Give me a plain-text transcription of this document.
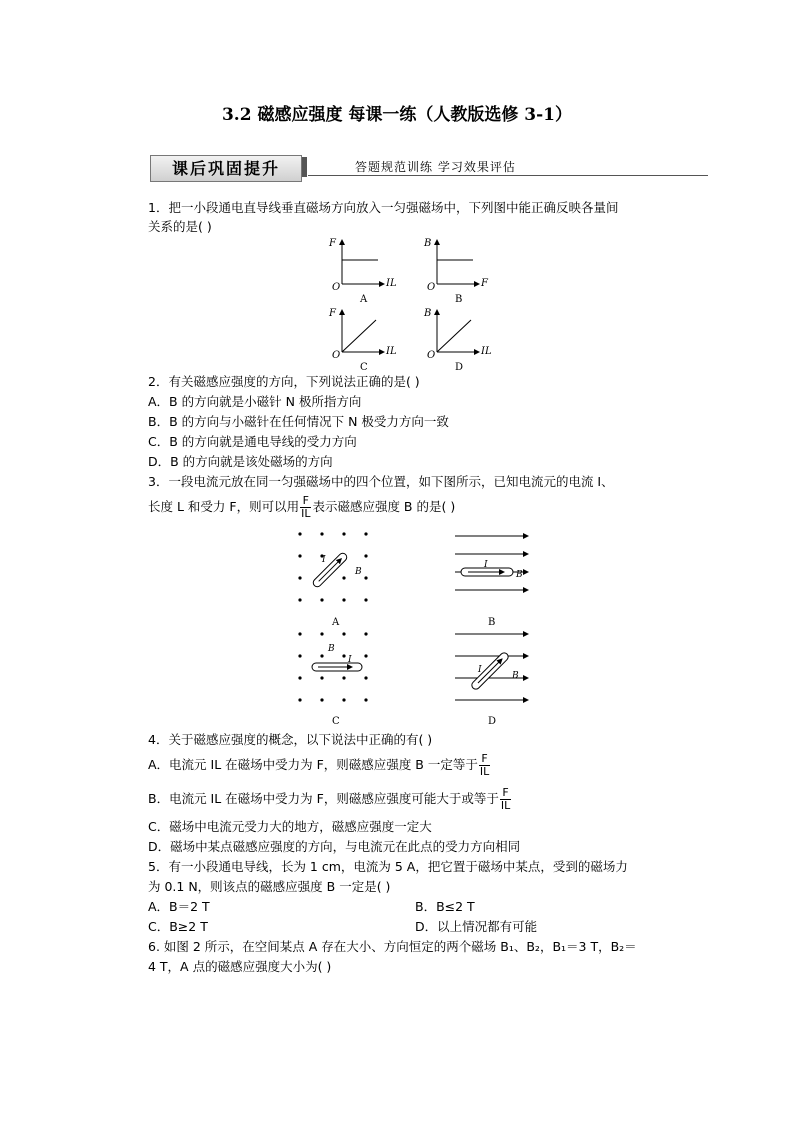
3.2 磁感应强度 每课一练（人教版选修 3-1）
课后巩固提升	答题规范训练 学习效果评估
1．把一小段通电直导线垂直磁场方向放入一匀强磁场中，下列图中能正确反映各量间
关系的是( )
F
O	IL
A
B
O	F
B
F
O	IL
C
B
O	IL
D
2．有关磁感应强度的方向，下列说法正确的是( )
A．B 的方向就是小磁针 N 极所指方向
B．B 的方向与小磁针在任何情况下 N 极受力方向一致
C．B 的方向就是通电导线的受力方向
D．B 的方向就是该处磁场的方向
3．一段电流元放在同一匀强磁场中的四个位置，如下图所示，已知电流元的电流 I、
长度 L 和受力 F，则可以用 $\frac{F}{IL}$ 表示磁感应强度 B 的是( )
I
B
A
I
B
B
B
I
C
I
B
D
4．关于磁感应强度的概念，以下说法中正确的有( )
A．电流元 IL 在磁场中受力为 F，则磁感应强度 B 一定等于 $\frac{F}{IL}$
B．电流元 IL 在磁场中受力为 F，则磁感应强度可能大于或等于 $\frac{F}{IL}$
C．磁场中电流元受力大的地方，磁感应强度一定大
D．磁场中某点磁感应强度的方向，与电流元在此点的受力方向相同
5．有一小段通电导线，长为 1 cm，电流为 5 A，把它置于磁场中某点，受到的磁场力
为 0.1 N，则该点的磁感应强度 B 一定是( )
A．B＝2 T	B．B≤2 T
C．B≥2 T	D．以上情况都有可能
6. 如图 2 所示，在空间某点 A 存在大小、方向恒定的两个磁场 B₁、B₂，B₁＝3 T，B₂＝
4 T，A 点的磁感应强度大小为( )
